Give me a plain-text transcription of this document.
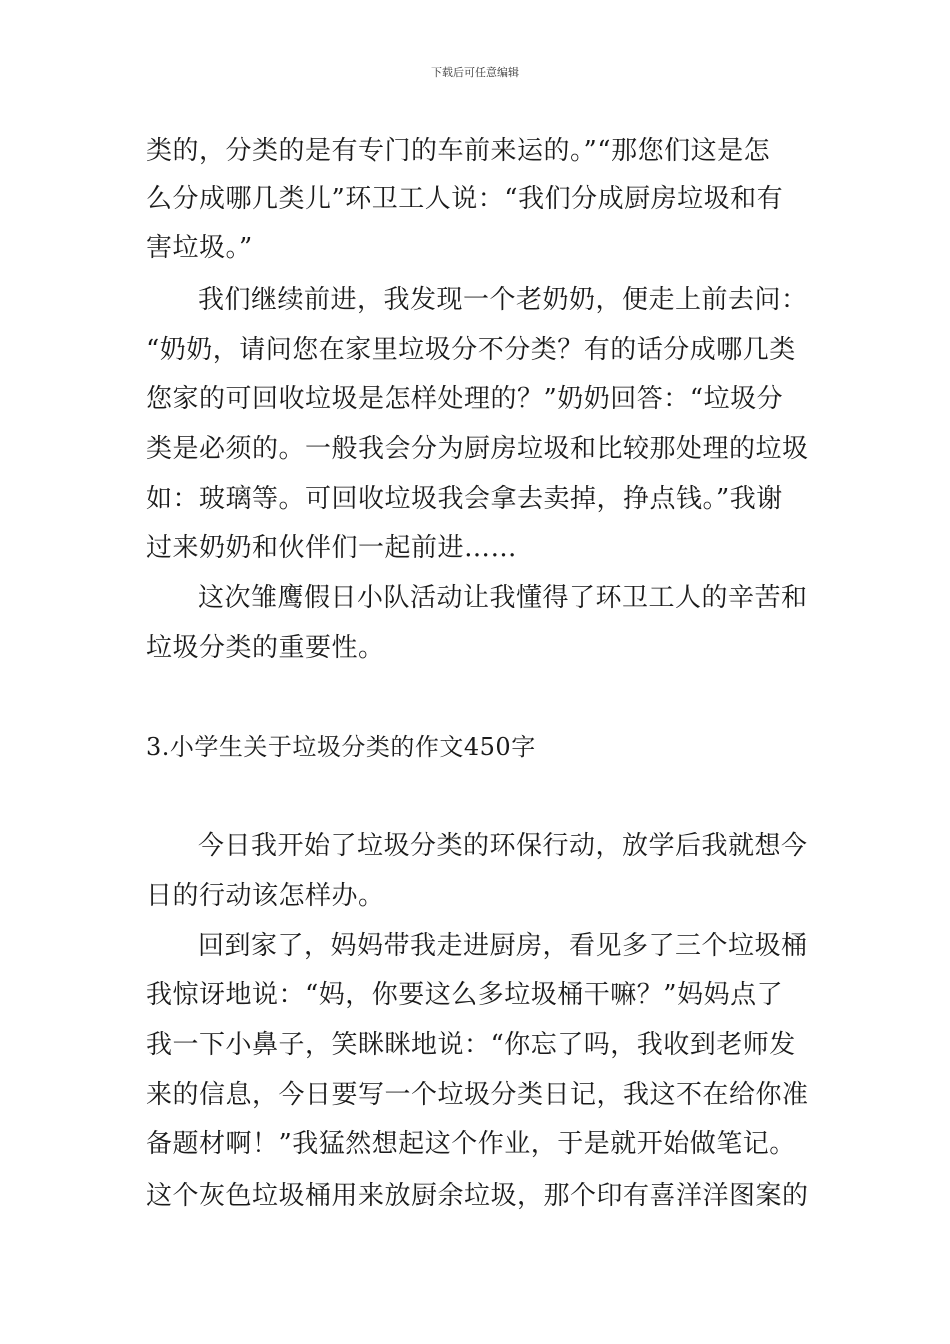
下载后可任意编辑
类的，分类的是有专门的车前来运的。”“那您们这是怎
么分成哪几类儿”环卫工人说：“我们分成厨房垃圾和有
害垃圾。”
我们继续前进，我发现一个老奶奶，便走上前去问：
“奶奶，请问您在家里垃圾分不分类？有的话分成哪几类
您家的可回收垃圾是怎样处理的？”奶奶回答：“垃圾分
类是必须的。一般我会分为厨房垃圾和比较那处理的垃圾
如：玻璃等。可回收垃圾我会拿去卖掉，挣点钱。”我谢
过来奶奶和伙伴们一起前进……
这次雏鹰假日小队活动让我懂得了环卫工人的辛苦和
垃圾分类的重要性。
3.小学生关于垃圾分类的作文450字
今日我开始了垃圾分类的环保行动，放学后我就想今
日的行动该怎样办。
回到家了，妈妈带我走进厨房，看见多了三个垃圾桶
我惊讶地说：“妈，你要这么多垃圾桶干嘛？”妈妈点了
我一下小鼻子，笑眯眯地说：“你忘了吗，我收到老师发
来的信息，今日要写一个垃圾分类日记，我这不在给你准
备题材啊！”我猛然想起这个作业，于是就开始做笔记。
这个灰色垃圾桶用来放厨余垃圾，那个印有喜洋洋图案的
